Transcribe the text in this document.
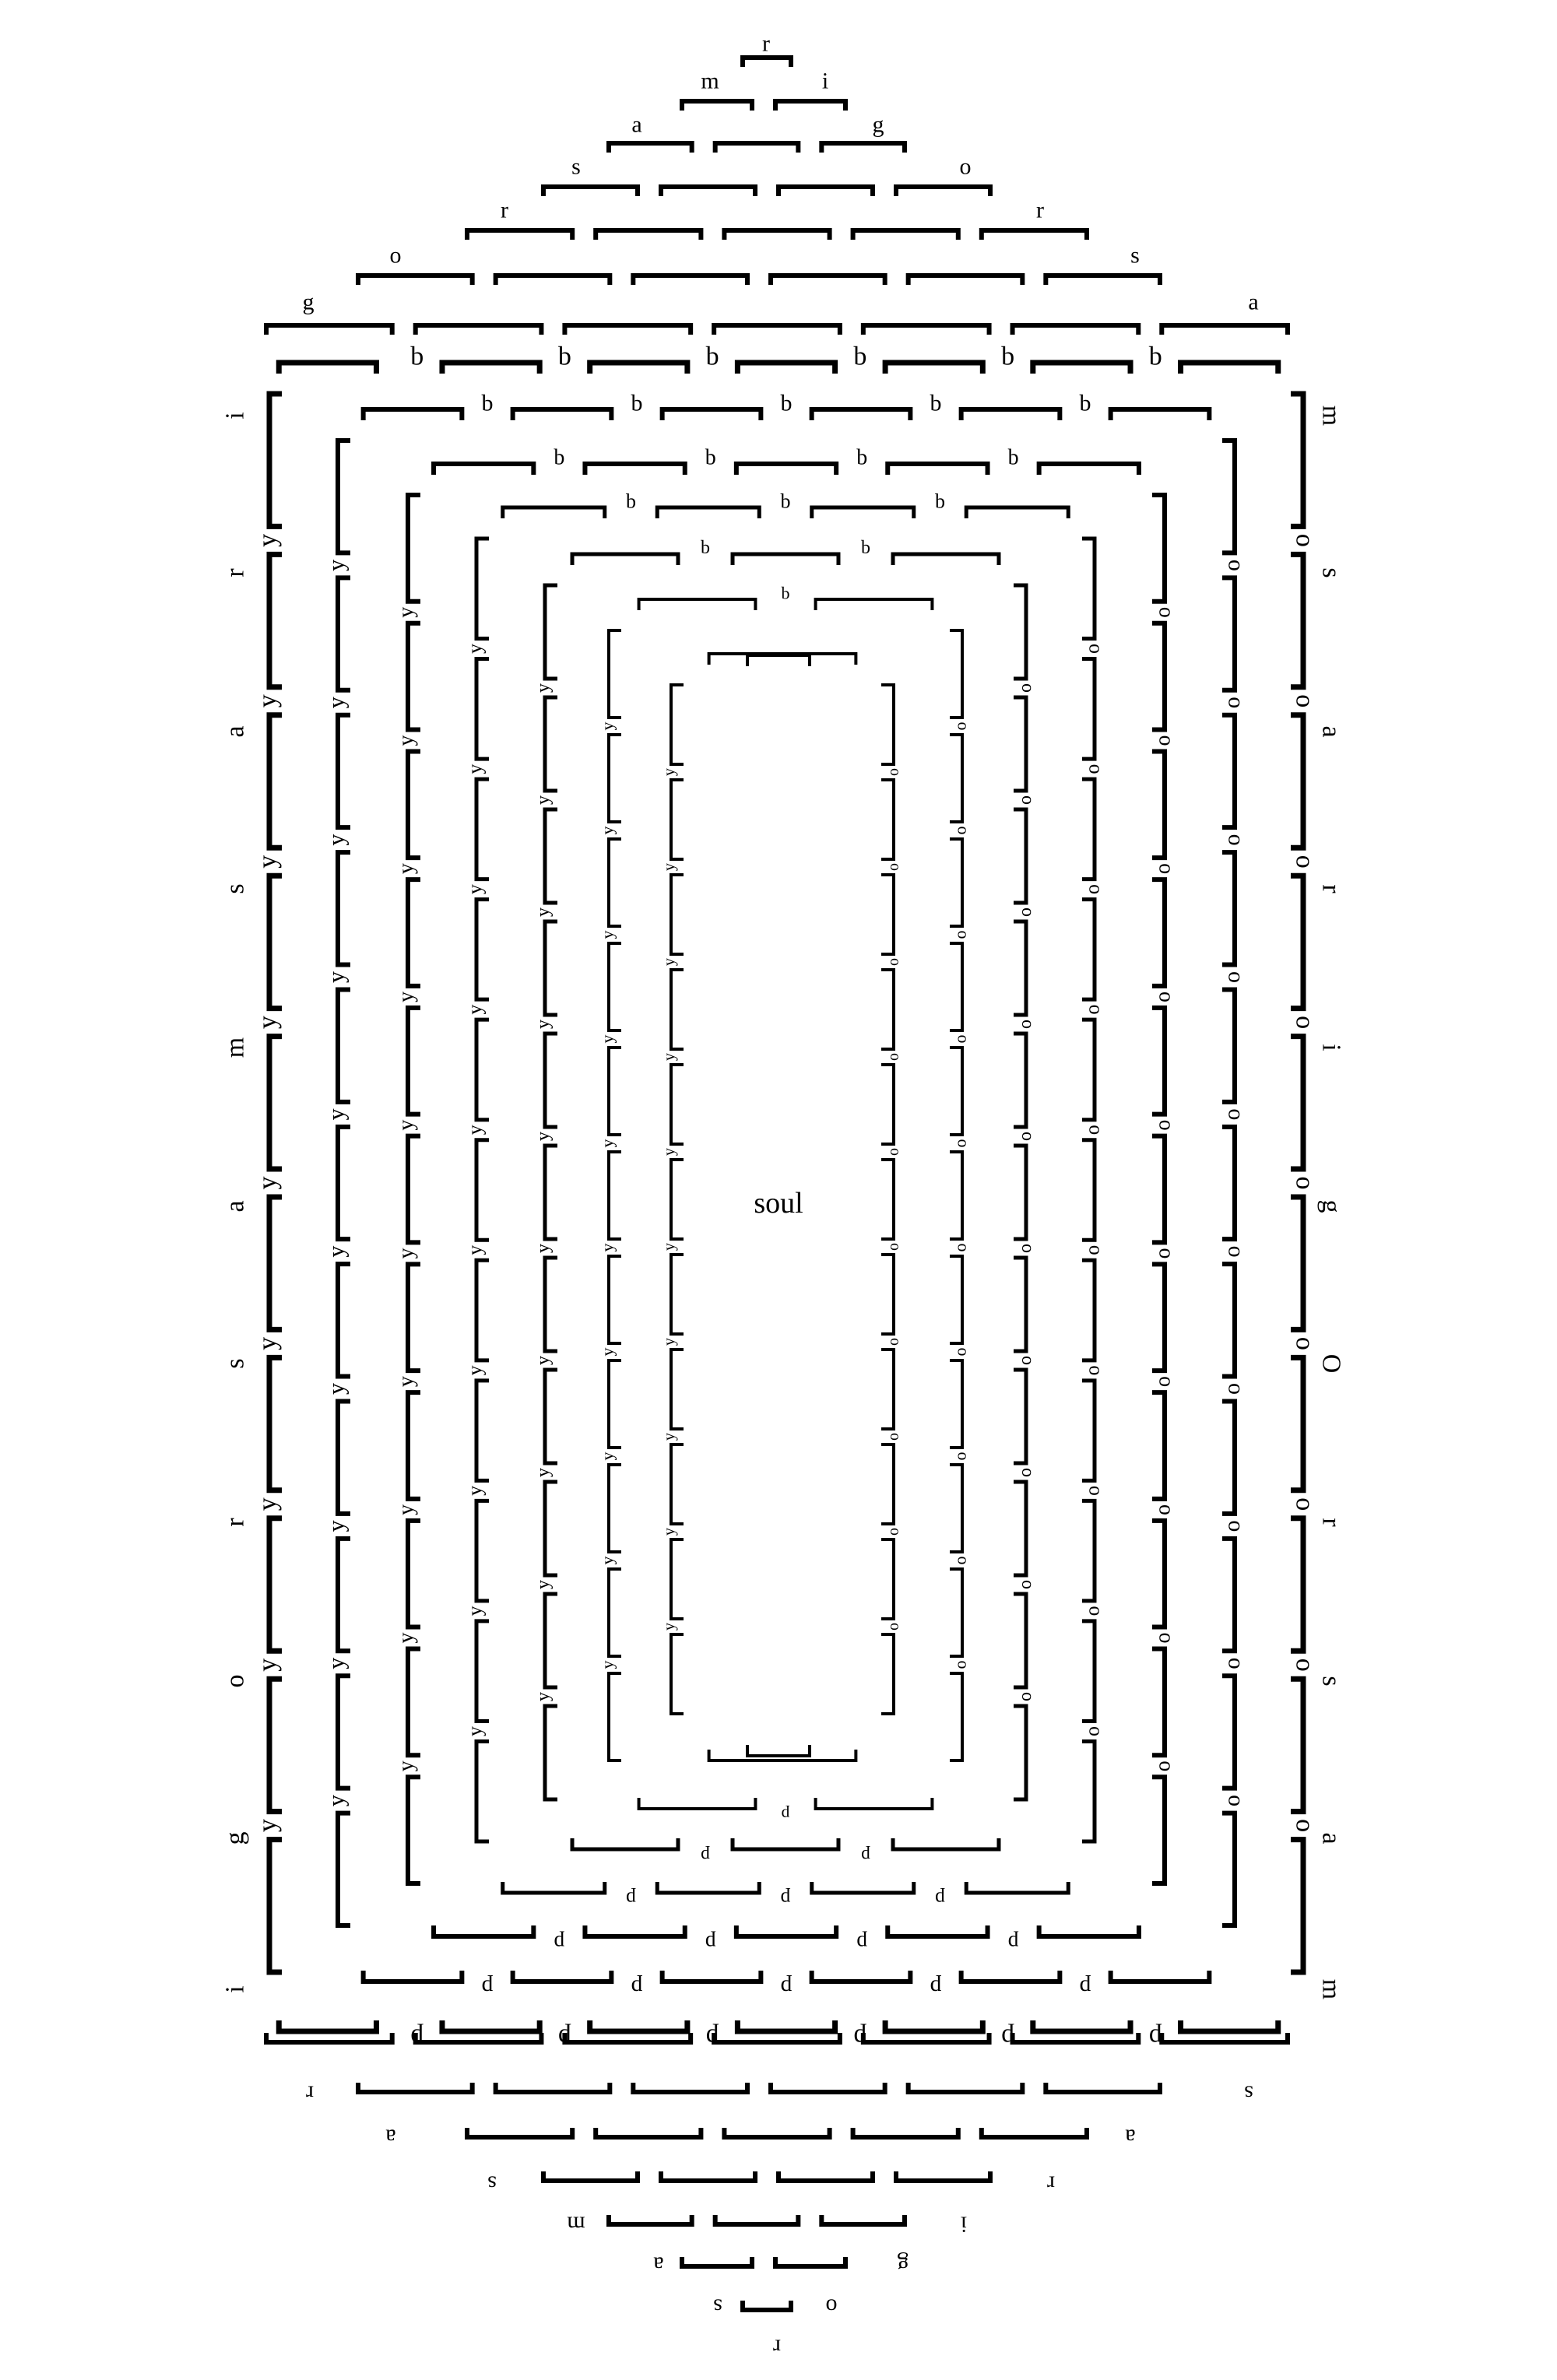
b
p
b
p
b
p
b
p
b
p
b
p
y	o
y	o
y	o
y	o
y	o
y	o
y	o
y	o
y	o
b
p
b
p
b
p
b
p
b
p
y	o
y	o
y	o
y	o
y	o
y	o
y	o
y	o
y	o
y	o
b
p
b
p
b
p
b
p
y	o
y	o
y	o
y	o
y	o
y	o
y	o
y	o
y	o
y	o
b
p
b
p
b
p
y	o
y	o
y	o
y	o
y	o
y	o
y	o
y	o
y	o
y	o
b
p
b
p
y	o
y	o
y	o
y	o
y	o
y	o
y	o
y	o
y	o
y	o
b
p
y	o
y	o
y	o
y	o
y	o
y	o
y	o
y	o
y	o
y	o
y	o
y	o
y	o
y	o
y	o
y	o
y	o
y	o
y	o
y	o
r
m	i
a	g
s	o
r	r
o	s
g	a
r
s	o
a	g
m	i
s	r
a	a
r	s
i
r
a
s
m
a
s
r
o
g
i
m
s
a
r
i
g
O
r
s
a
m
soul
